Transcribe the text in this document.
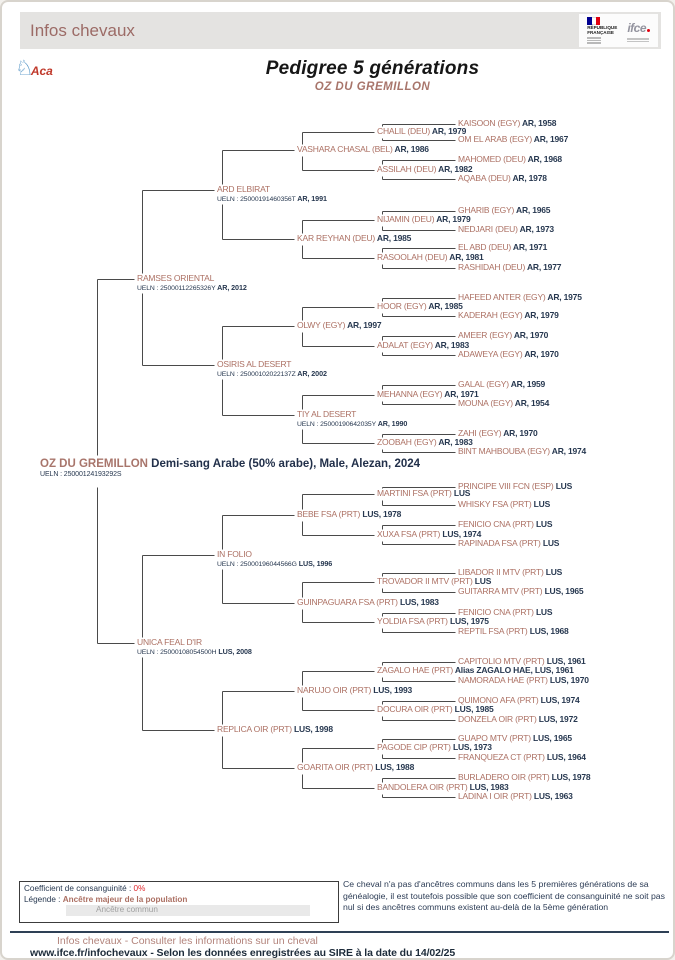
Infos chevaux	RÉPUBLIQUE
FRANÇAISE ifce
♘
Aca	Pedigree 5 générations
OZ DU GREMILLON
OZ DU GREMILLON Demi-sang Arabe (50% arabe), Male, Alezan, 2024
UELN : 25000124193292S
RAMSES ORIENTAL
UELN : 25000112265326Y AR, 2012
UNICA FEAL D'IR
UELN : 25000108054500H LUS, 2008
ARD ELBIRAT
UELN : 25000191460356T AR, 1991
OSIRIS AL DESERT
UELN : 25000102022137Z AR, 2002
IN FOLIO
UELN : 25000196044566G LUS, 1996
REPLICA OIR (PRT) LUS, 1998
VASHARA CHASAL (BEL) AR, 1986
KAR REYHAN (DEU) AR, 1985
OLWY (EGY) AR, 1997
TIY AL DESERT
UELN : 25000190642035Y AR, 1990
BEBE FSA (PRT) LUS, 1978
GUINPAGUARA FSA (PRT) LUS, 1983
NARUJO OIR (PRT) LUS, 1993
GOARITA OIR (PRT) LUS, 1988
CHALIL (DEU) AR, 1979
ASSILAH (DEU) AR, 1982
NIJAMIN (DEU) AR, 1979
RASOOLAH (DEU) AR, 1981
HOOR (EGY) AR, 1985
ADALAT (EGY) AR, 1983
MEHANNA (EGY) AR, 1971
ZOOBAH (EGY) AR, 1983
MARTINI FSA (PRT) LUS
XUXA FSA (PRT) LUS, 1974
TROVADOR II MTV (PRT) LUS
YOLDIA FSA (PRT) LUS, 1975
ZAGALO HAE (PRT) Alias ZAGALO HAE, LUS, 1961
DOCURA OIR (PRT) LUS, 1985
PAGODE CIP (PRT) LUS, 1973
BANDOLERA OIR (PRT) LUS, 1983
KAISOON (EGY) AR, 1958
OM EL ARAB (EGY) AR, 1967
MAHOMED (DEU) AR, 1968
AQABA (DEU) AR, 1978
GHARIB (EGY) AR, 1965
NEDJARI (DEU) AR, 1973
EL ABD (DEU) AR, 1971
RASHIDAH (DEU) AR, 1977
HAFEED ANTER (EGY) AR, 1975
KADERAH (EGY) AR, 1979
AMEER (EGY) AR, 1970
ADAWEYA (EGY) AR, 1970
GALAL (EGY) AR, 1959
MOUNA (EGY) AR, 1954
ZAHI (EGY) AR, 1970
BINT MAHBOUBA (EGY) AR, 1974
PRINCIPE VIII FCN (ESP) LUS
WHISKY FSA (PRT) LUS
FENICIO CNA (PRT) LUS
RAPINADA FSA (PRT) LUS
LIBADOR II MTV (PRT) LUS
GUITARRA MTV (PRT) LUS, 1965
FENICIO CNA (PRT) LUS
REPTIL FSA (PRT) LUS, 1968
CAPITOLIO MTV (PRT) LUS, 1961
NAMORADA HAE (PRT) LUS, 1970
QUIMONO AFA (PRT) LUS, 1974
DONZELA OIR (PRT) LUS, 1972
GUAPO MTV (PRT) LUS, 1965
FRANQUEZA CT (PRT) LUS, 1964
BURLADERO OIR (PRT) LUS, 1978
LADINA I OIR (PRT) LUS, 1963
Coefficient de consanguinité : 0%
Légende : Ancêtre majeur de la population
Ancêtre commun
Ce cheval n'a pas d'ancêtres communs dans les 5 premières générations de sa généalogie, il est toutefois possible que son coefficient de consanguinité ne soit pas nul si des ancêtres communs existent au-delà de la 5ème génération
Infos chevaux - Consulter les informations sur un cheval
www.ifce.fr/infochevaux - Selon les données enregistrées au SIRE à la date du 14/02/25
